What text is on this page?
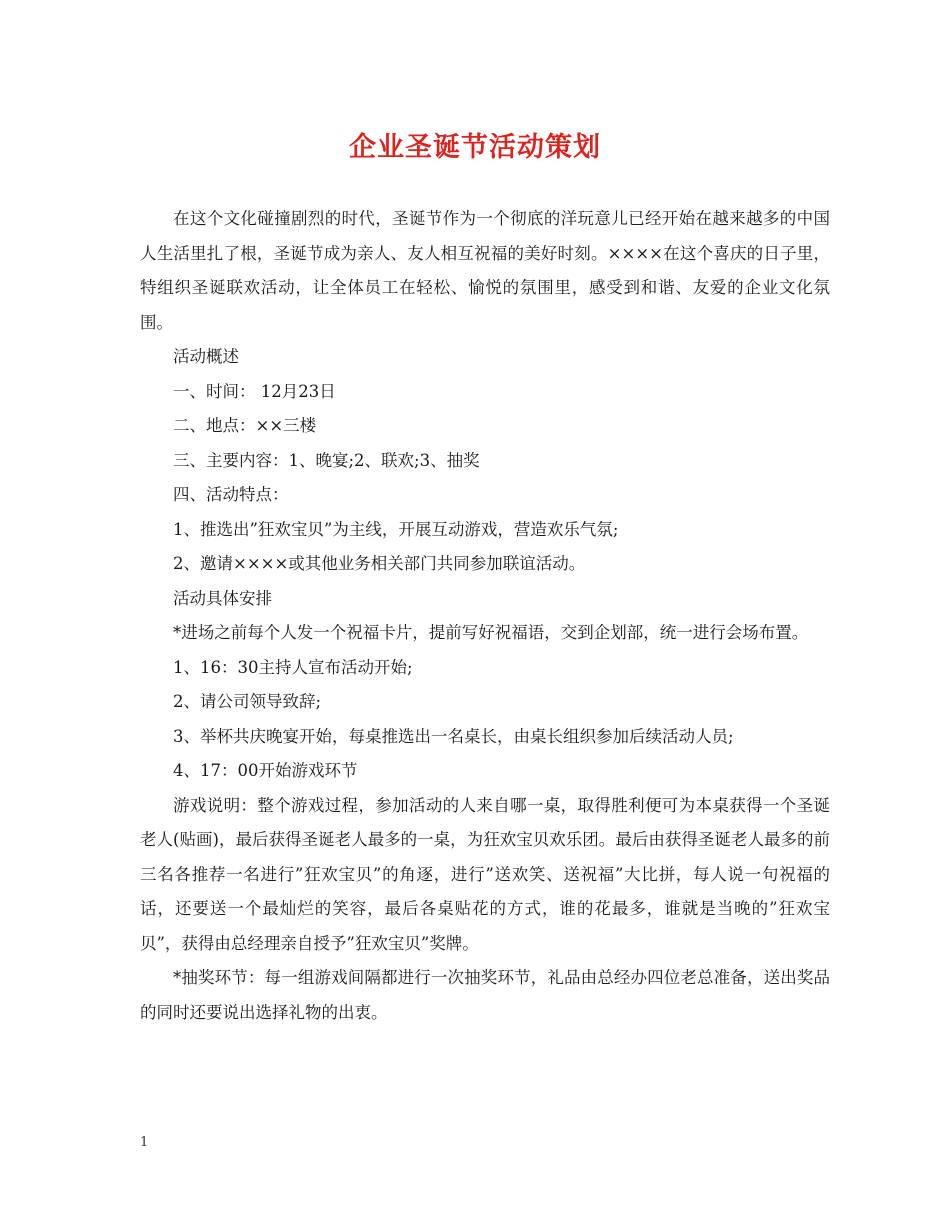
企业圣诞节活动策划

在这个文化碰撞剧烈的时代，圣诞节作为一个彻底的洋玩意儿已经开始在越来越多的中国人生活里扎了根，圣诞节成为亲人、友人相互祝福的美好时刻。××××在这个喜庆的日子里，特组织圣诞联欢活动，让全体员工在轻松、愉悦的氛围里，感受到和谐、友爱的企业文化氛围。

活动概述

一、时间： 12月23日

二、地点：××三楼

三、主要内容：1、晚宴;2、联欢;3、抽奖

四、活动特点：

1、推选出”狂欢宝贝”为主线，开展互动游戏，营造欢乐气氛;

2、邀请××××或其他业务相关部门共同参加联谊活动。

活动具体安排

*进场之前每个人发一个祝福卡片，提前写好祝福语，交到企划部，统一进行会场布置。

1、16：30主持人宣布活动开始;

2、请公司领导致辞;

3、举杯共庆晚宴开始，每桌推选出一名桌长，由桌长组织参加后续活动人员;

4、17：00开始游戏环节

游戏说明：整个游戏过程，参加活动的人来自哪一桌，取得胜利便可为本桌获得一个圣诞老人(贴画)，最后获得圣诞老人最多的一桌，为狂欢宝贝欢乐团。最后由获得圣诞老人最多的前三名各推荐一名进行”狂欢宝贝”的角逐，进行”送欢笑、送祝福”大比拼，每人说一句祝福的话，还要送一个最灿烂的笑容，最后各桌贴花的方式，谁的花最多，谁就是当晚的”狂欢宝贝”，获得由总经理亲自授予”狂欢宝贝”奖牌。

*抽奖环节：每一组游戏间隔都进行一次抽奖环节，礼品由总经办四位老总准备，送出奖品的同时还要说出选择礼物的出衷。

1
